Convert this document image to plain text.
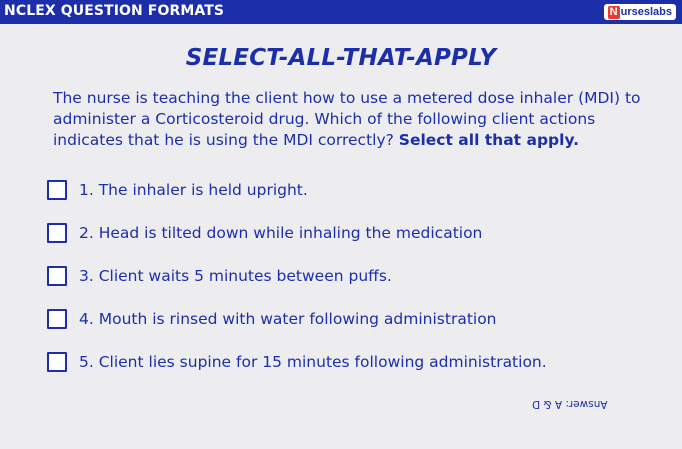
NCLEX QUESTION FORMATS	N urseslabs
SELECT-ALL-THAT-APPLY
The nurse is teaching the client how to use a metered dose inhaler (MDI) to
administer a Corticosteroid drug. Which of the following client actions
indicates that he is using the MDI correctly? Select all that apply.
1. The inhaler is held upright.
2. Head is tilted down while inhaling the medication
3. Client waits 5 minutes between puffs.
4. Mouth is rinsed with water following administration
5. Client lies supine for 15 minutes following administration.
Answer: A & D
